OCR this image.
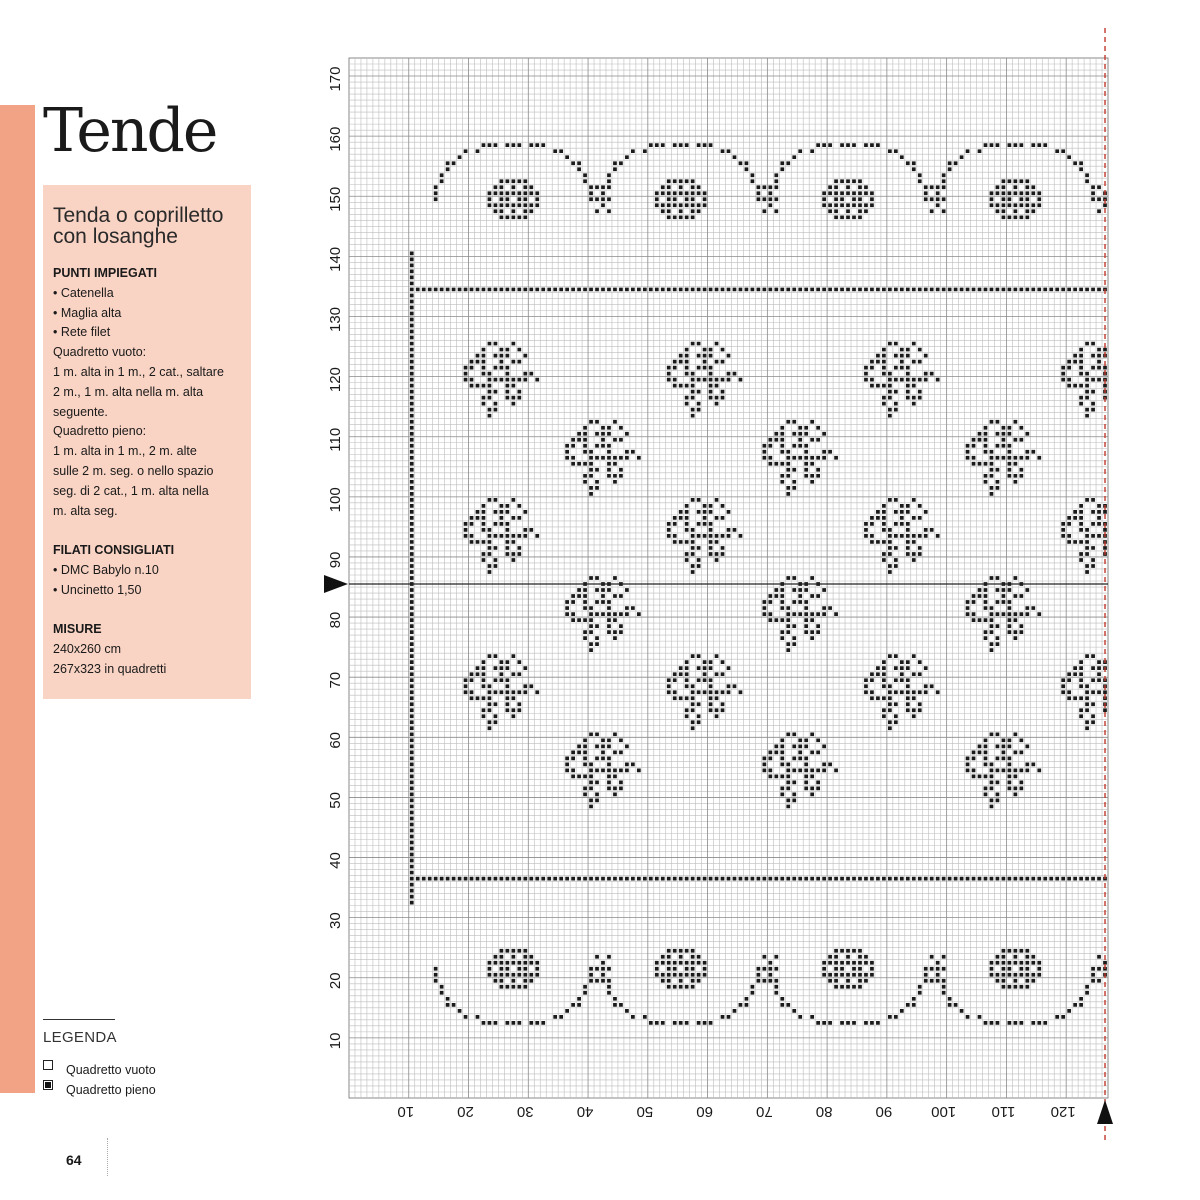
Tende
Tenda o coprilletto
con losanghe

PUNTI IMPIEGATI

• Catenella

• Maglia alta

• Rete filet

Quadretto vuoto:

1 m. alta in 1 m., 2 cat., saltare

2 m., 1 m. alta nella m. alta

seguente.

Quadretto pieno:

1 m. alta in 1 m., 2 m. alte

sulle 2 m. seg. o nello spazio

seg. di 2 cat., 1 m. alta nella

m. alta seg.

FILATI CONSIGLIATI

• DMC Babylo n.10

• Uncinetto 1,50

MISURE

240x260 cm

267x323 in quadretti

LEGENDA
Quadretto vuoto
Quadretto pieno
64
10	20	30	40	50	60	70	80	90	100 110 120
10
20
30
40
50
60
70
80
90
100
110
120
130
140
150
160
170
